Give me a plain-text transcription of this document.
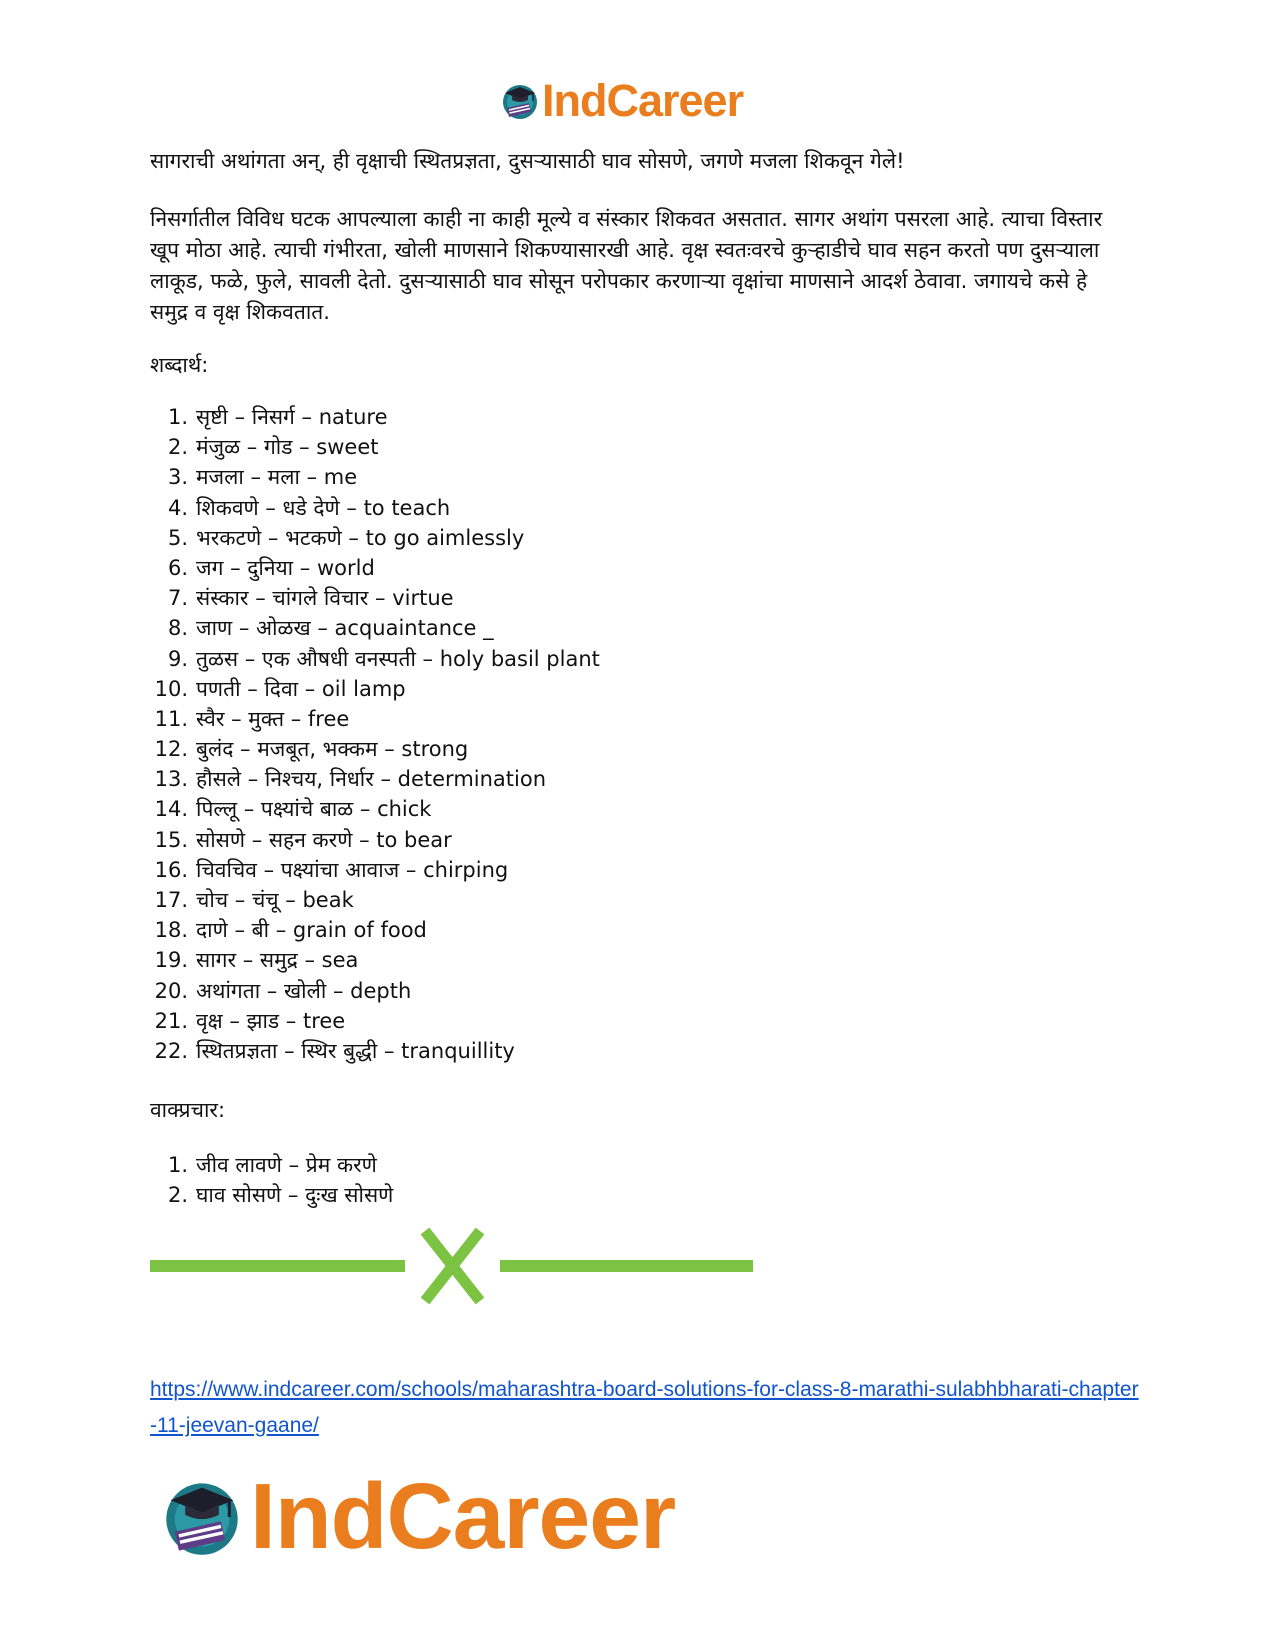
IndCareer

सागराची अथांगता अन्, ही वृक्षाची स्थितप्रज्ञता, दुसऱ्यासाठी घाव सोसणे, जगणे मजला शिकवून गेले!

निसर्गातील विविध घटक आपल्याला काही ना काही मूल्ये व संस्कार शिकवत असतात. सागर अथांग पसरला आहे. त्याचा विस्तार खूप मोठा आहे. त्याची गंभीरता, खोली माणसाने शिकण्यासारखी आहे. वृक्ष स्वतःवरचे कुऱ्हाडीचे घाव सहन करतो पण दुसऱ्याला लाकूड, फळे, फुले, सावली देतो. दुसऱ्यासाठी घाव सोसून परोपकार करणाऱ्या वृक्षांचा माणसाने आदर्श ठेवावा. जगायचे कसे हे समुद्र व वृक्ष शिकवतात.

शब्दार्थ:

1. सृष्टी – निसर्ग – nature
2. मंजुळ – गोड – sweet
3. मजला – मला – me
4. शिकवणे – धडे देणे – to teach
5. भरकटणे – भटकणे – to go aimlessly
6. जग – दुनिया – world
7. संस्कार – चांगले विचार – virtue
8. जाण – ओळख – acquaintance _
9. तुळस – एक औषधी वनस्पती – holy basil plant
10. पणती – दिवा – oil lamp
11. स्वैर – मुक्त – free
12. बुलंद – मजबूत, भक्कम – strong
13. हौसले – निश्चय, निर्धार – determination
14. पिल्लू – पक्ष्यांचे बाळ – chick
15. सोसणे – सहन करणे – to bear
16. चिवचिव – पक्ष्यांचा आवाज – chirping
17. चोच – चंचू – beak
18. दाणे – बी – grain of food
19. सागर – समुद्र – sea
20. अथांगता – खोली – depth
21. वृक्ष – झाड – tree
22. स्थितप्रज्ञता – स्थिर बुद्धी – tranquillity

वाक्प्रचार:

1. जीव लावणे – प्रेम करणे
2. घाव सोसणे – दुःख सोसणे
https://www.indcareer.com/schools/maharashtra-board-solutions-for-class-8-marathi-sulabhbharati-chapter-11-jeevan-gaane/
IndCareer
